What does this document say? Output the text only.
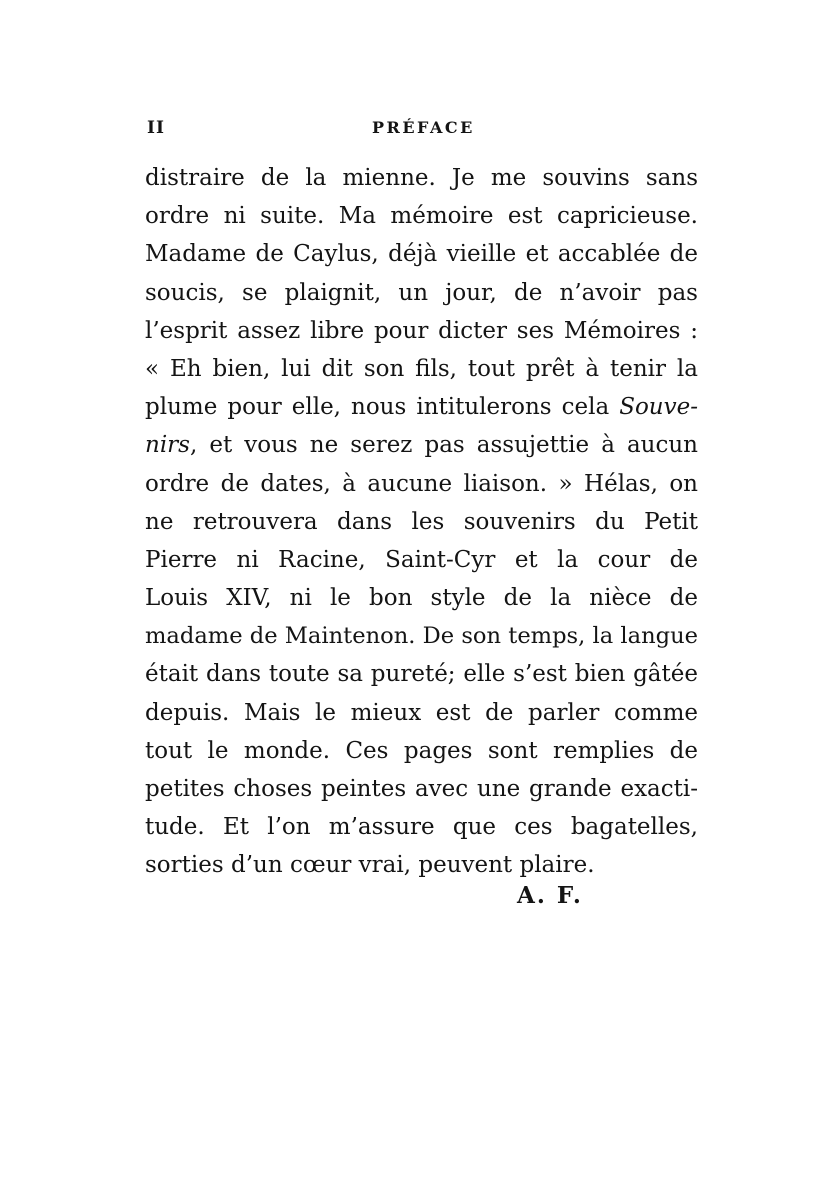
II	PRÉFACE
distraire de la mienne. Je me souvins sans
ordre ni suite. Ma mémoire est capricieuse.
Madame de Caylus, déjà vieille et accablée de
soucis, se plaignit, un jour, de n’avoir pas
l’esprit assez libre pour dicter ses Mémoires :
« Eh bien, lui dit son fils, tout prêt à tenir la
plume pour elle, nous intitulerons cela Souve-
nirs, et vous ne serez pas assujettie à aucun
ordre de dates, à aucune liaison. » Hélas, on
ne retrouvera dans les souvenirs du Petit
Pierre ni Racine, Saint-Cyr et la cour de
Louis XIV, ni le bon style de la nièce de
madame de Maintenon. De son temps, la langue
était dans toute sa pureté; elle s’est bien gâtée
depuis. Mais le mieux est de parler comme
tout le monde. Ces pages sont remplies de
petites choses peintes avec une grande exacti-
tude. Et l’on m’assure que ces bagatelles,
sorties d’un cœur vrai, peuvent plaire.
A. F.
